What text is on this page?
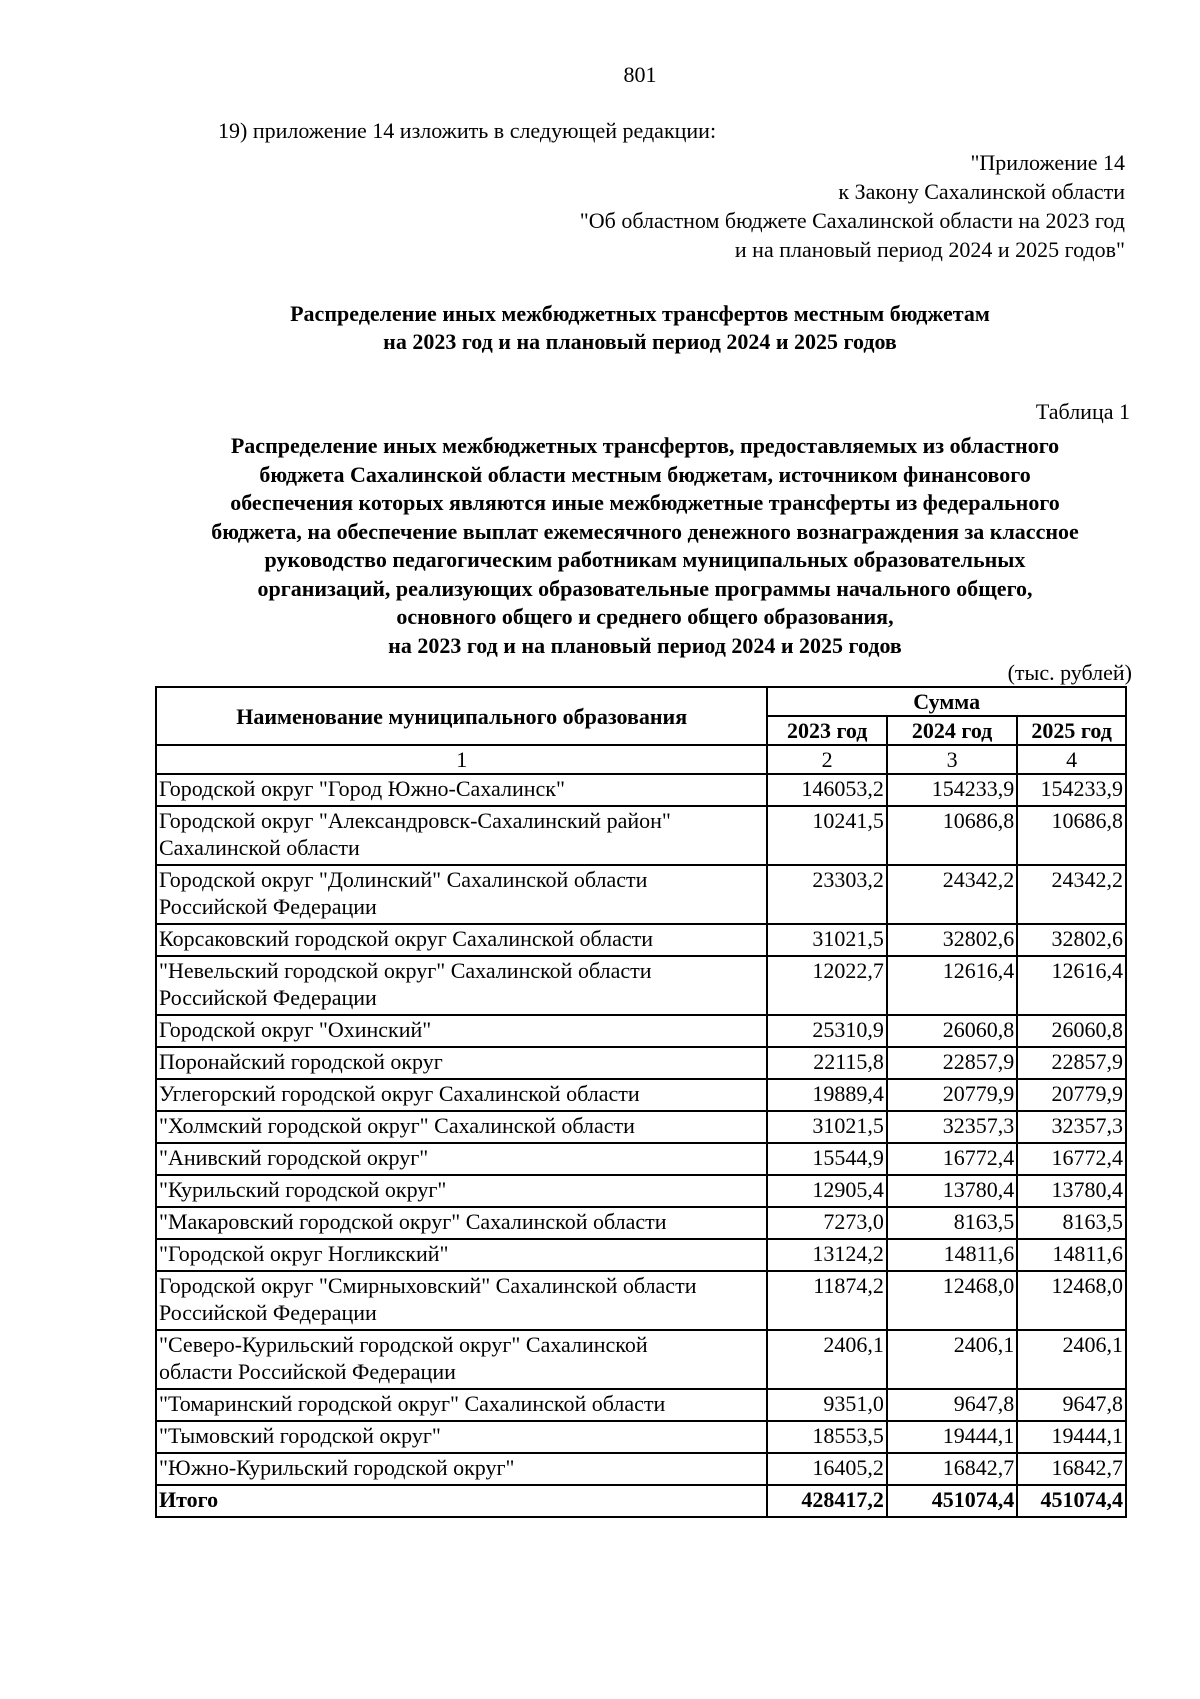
801
19) приложение 14 изложить в следующей редакции:
"Приложение 14
к Закону Сахалинской области
"Об областном бюджете Сахалинской области на 2023 год
и на плановый период 2024 и 2025 годов"
Распределение иных межбюджетных трансфертов местным бюджетам
на 2023 год и на плановый период 2024 и 2025 годов
Таблица 1
Распределение иных межбюджетных трансфертов, предоставляемых из областного
бюджета Сахалинской области местным бюджетам, источником финансового
обеспечения которых являются иные межбюджетные трансферты из федерального
бюджета, на обеспечение выплат ежемесячного денежного вознаграждения за классное
руководство педагогическим работникам муниципальных образовательных
организаций, реализующих образовательные программы начального общего,
основного общего и среднего общего образования,
на 2023 год и на плановый период 2024 и 2025 годов
(тыс. рублей)
Наименование муниципального образования	Сумма		
	2023 год	2024 год	2025 год
1	2	3	4

Городской округ "Город Южно-Сахалинск"	146053,2	154233,9	154233,9

Городской округ "Александровск-Сахалинский район"
Сахалинской области	10241,5	10686,8	10686,8

Городской округ "Долинский" Сахалинской области
Российской Федерации	23303,2	24342,2	24342,2

Корсаковский городской округ Сахалинской области	31021,5	32802,6	32802,6

"Невельский городской округ" Сахалинской области
Российской Федерации	12022,7	12616,4	12616,4

Городской округ "Охинский"	25310,9	26060,8	26060,8

Поронайский городской округ	22115,8	22857,9	22857,9

Углегорский городской округ Сахалинской области	19889,4	20779,9	20779,9

"Холмский городской округ" Сахалинской области	31021,5	32357,3	32357,3

"Анивский городской округ"	15544,9	16772,4	16772,4

"Курильский городской округ"	12905,4	13780,4	13780,4

"Макаровский городской округ" Сахалинской области	7273,0	8163,5	8163,5

"Городской округ Ногликский"	13124,2	14811,6	14811,6

Городской округ "Смирныховский" Сахалинской области
Российской Федерации	11874,2	12468,0	12468,0

"Северо-Курильский городской округ" Сахалинской
области Российской Федерации	2406,1	2406,1	2406,1

"Томаринский городской округ" Сахалинской области	9351,0	9647,8	9647,8

"Тымовский городской округ"	18553,5	19444,1	19444,1

"Южно-Курильский городской округ"	16405,2	16842,7	16842,7
Итого	428417,2	451074,4	451074,4
